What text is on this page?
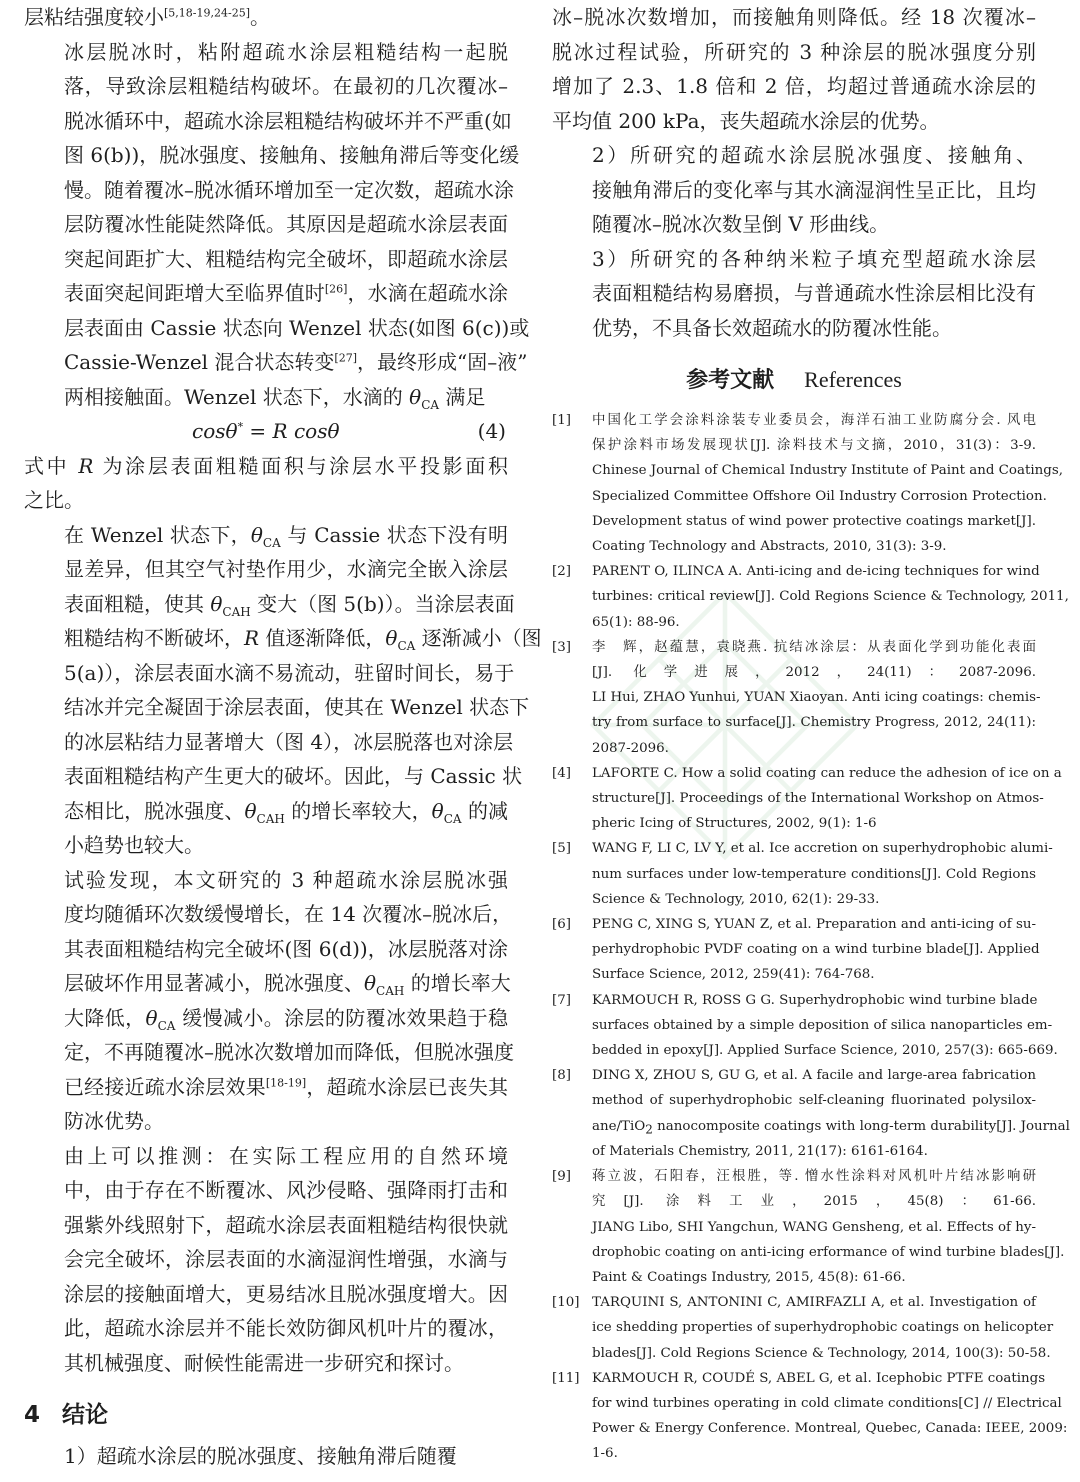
层粘结强度较小[5,18-19,24-25]。

冰层脱冰时，粘附超疏水涂层粗糙结构一起脱
落，导致涂层粗糙结构破坏。在最初的几次覆冰–
脱冰循环中，超疏水涂层粗糙结构破坏并不严重(如
图 6(b))，脱冰强度、接触角、接触角滞后等变化缓
慢。随着覆冰–脱冰循环增加至一定次数，超疏水涂
层防覆冰性能陡然降低。其原因是超疏水涂层表面
突起间距扩大、粗糙结构完全破坏，即超疏水涂层
表面突起间距增大至临界值时[26]，水滴在超疏水涂
层表面由 Cassie 状态向 Wenzel 状态(如图 6(c))或
Cassie-Wenzel 混合状态转变[27]，最终形成“固–液”
两相接触面。Wenzel 状态下，水滴的 $\theta_{CA}$ 满足

cosθ* = R cosθ	(4)

式中 R 为涂层表面粗糙面积与涂层水平投影面积
之比。

在 Wenzel 状态下，$\theta_{CA}$ 与 Cassie 状态下没有明
显差异，但其空气衬垫作用少，水滴完全嵌入涂层
表面粗糙，使其 $\theta_{CAH}$ 变大（图 5(b)）。当涂层表面
粗糙结构不断破坏，R 值逐渐降低，$\theta_{CA}$ 逐渐减小（图
5(a)），涂层表面水滴不易流动，驻留时间长，易于
结冰并完全凝固于涂层表面，使其在 Wenzel 状态下
的冰层粘结力显著增大（图 4），冰层脱落也对涂层
表面粗糙结构产生更大的破坏。因此，与 Cassic 状
态相比，脱冰强度、$\theta_{CAH}$ 的增长率较大，$\theta_{CA}$ 的减
小趋势也较大。

试验发现，本文研究的 3 种超疏水涂层脱冰强
度均随循环次数缓慢增长，在 14 次覆冰–脱冰后，
其表面粗糙结构完全破坏(图 6(d))，冰层脱落对涂
层破坏作用显著减小，脱冰强度、$\theta_{CAH}$ 的增长率大
大降低，$\theta_{CA}$ 缓慢减小。涂层的防覆冰效果趋于稳
定，不再随覆冰–脱冰次数增加而降低，但脱冰强度
已经接近疏水涂层效果[18-19]，超疏水涂层已丧失其
防冰优势。

由上可以推测：在实际工程应用的自然环境
中，由于存在不断覆冰、风沙侵略、强降雨打击和
强紫外线照射下，超疏水涂层表面粗糙结构很快就
会完全破坏，涂层表面的水滴湿润性增强，水滴与
涂层的接触面增大，更易结冰且脱冰强度增大。因
此，超疏水涂层并不能长效防御风机叶片的覆冰，
其机械强度、耐候性能需进一步研究和探讨。

4 结论

1）超疏水涂层的脱冰强度、接触角滞后随覆

冰–脱冰次数增加，而接触角则降低。经 18 次覆冰–
脱冰过程试验，所研究的 3 种涂层的脱冰强度分别
增加了 2.3、1.8 倍和 2 倍，均超过普通疏水涂层的
平均值 200 kPa，丧失超疏水涂层的优势。

2）所研究的超疏水涂层脱冰强度、接触角、
接触角滞后的变化率与其水滴湿润性呈正比，且均
随覆冰–脱冰次数呈倒 V 形曲线。

3）所研究的各种纳米粒子填充型超疏水涂层
表面粗糙结构易磨损，与普通疏水性涂层相比没有
优势，不具备长效超疏水的防覆冰性能。

参考文献 References
[1] 中国化工学会涂料涂装专业委员会，海洋石油工业防腐分会. 风电
保护涂料市场发展现状[J]. 涂料技术与文摘，2010，31(3)：3-9.
Chinese Journal of Chemical Industry Institute of Paint and Coatings,
Specialized Committee Offshore Oil Industry Corrosion Protection.
Development status of wind power protective coatings market[J].
Coating Technology and Abstracts, 2010, 31(3): 3-9.
[2] PARENT O, ILINCA A. Anti-icing and de-icing techniques for wind
turbines: critical review[J]. Cold Regions Science & Technology, 2011,
65(1): 88-96.
[3] 李　辉，赵蕴慧，袁晓燕. 抗结冰涂层：从表面化学到功能化表面
[J]. 化学进展，2012，24(11)：2087-2096.
LI Hui, ZHAO Yunhui, YUAN Xiaoyan. Anti icing coatings: chemis-
try from surface to surface[J]. Chemistry Progress, 2012, 24(11):
2087-2096.
[4] LAFORTE C. How a solid coating can reduce the adhesion of ice on a
structure[J]. Proceedings of the International Workshop on Atmos-
pheric Icing of Structures, 2002, 9(1): 1-6
[5] WANG F, LI C, LV Y, et al. Ice accretion on superhydrophobic alumi-
num surfaces under low-temperature conditions[J]. Cold Regions
Science & Technology, 2010, 62(1): 29-33.
[6] PENG C, XING S, YUAN Z, et al. Preparation and anti-icing of su-
perhydrophobic PVDF coating on a wind turbine blade[J]. Applied
Surface Science, 2012, 259(41): 764-768.
[7] KARMOUCH R, ROSS G G. Superhydrophobic wind turbine blade
surfaces obtained by a simple deposition of silica nanoparticles em-
bedded in epoxy[J]. Applied Surface Science, 2010, 257(3): 665-669.
[8] DING X, ZHOU S, GU G, et al. A facile and large-area fabrication
method of superhydrophobic self-cleaning fluorinated polysilox-
ane/TiO$_2$ nanocomposite coatings with long-term durability[J]. Journal
of Materials Chemistry, 2011, 21(17): 6161-6164.
[9] 蒋立波，石阳春，汪根胜，等. 憎水性涂料对风机叶片结冰影响研
究[J]. 涂料工业，2015，45(8)：61-66.
JIANG Libo, SHI Yangchun, WANG Gensheng, et al. Effects of hy-
drophobic coating on anti-icing erformance of wind turbine blades[J].
Paint & Coatings Industry, 2015, 45(8): 61-66.
[10] TARQUINI S, ANTONINI C, AMIRFAZLI A, et al. Investigation of
ice shedding properties of superhydrophobic coatings on helicopter
blades[J]. Cold Regions Science & Technology, 2014, 100(3): 50-58.
[11] KARMOUCH R, COUDÉ S, ABEL G, et al. Icephobic PTFE coatings
for wind turbines operating in cold climate conditions[C] // Electrical
Power & Energy Conference. Montreal, Quebec, Canada: IEEE, 2009:
1-6.
